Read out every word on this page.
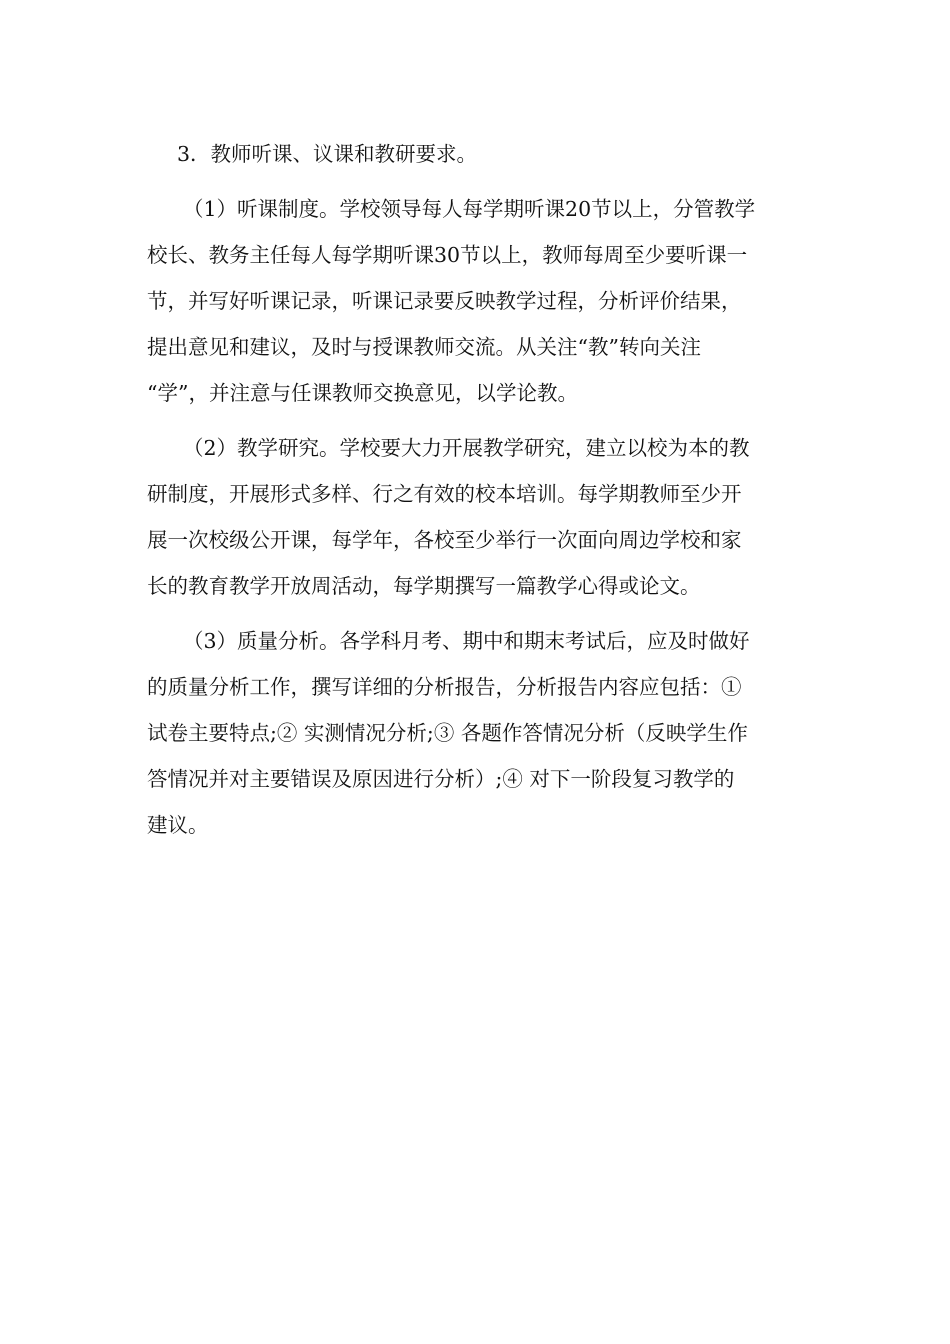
3．教师听课、议课和教研要求。

（1）听课制度。学校领导每人每学期听课20节以上，分管教学
校长、教务主任每人每学期听课30节以上，教师每周至少要听课一
节，并写好听课记录，听课记录要反映教学过程，分析评价结果，
提出意见和建议，及时与授课教师交流。从关注“教”转向关注
“学”，并注意与任课教师交换意见，以学论教。
（2）教学研究。学校要大力开展教学研究，建立以校为本的教
研制度，开展形式多样、行之有效的校本培训。每学期教师至少开
展一次校级公开课，每学年，各校至少举行一次面向周边学校和家
长的教育教学开放周活动，每学期撰写一篇教学心得或论文。
（3）质量分析。各学科月考、期中和期末考试后，应及时做好
的质量分析工作，撰写详细的分析报告，分析报告内容应包括：①
试卷主要特点;② 实测情况分析;③ 各题作答情况分析（反映学生作
答情况并对主要错误及原因进行分析）;④ 对下一阶段复习教学的
建议。
